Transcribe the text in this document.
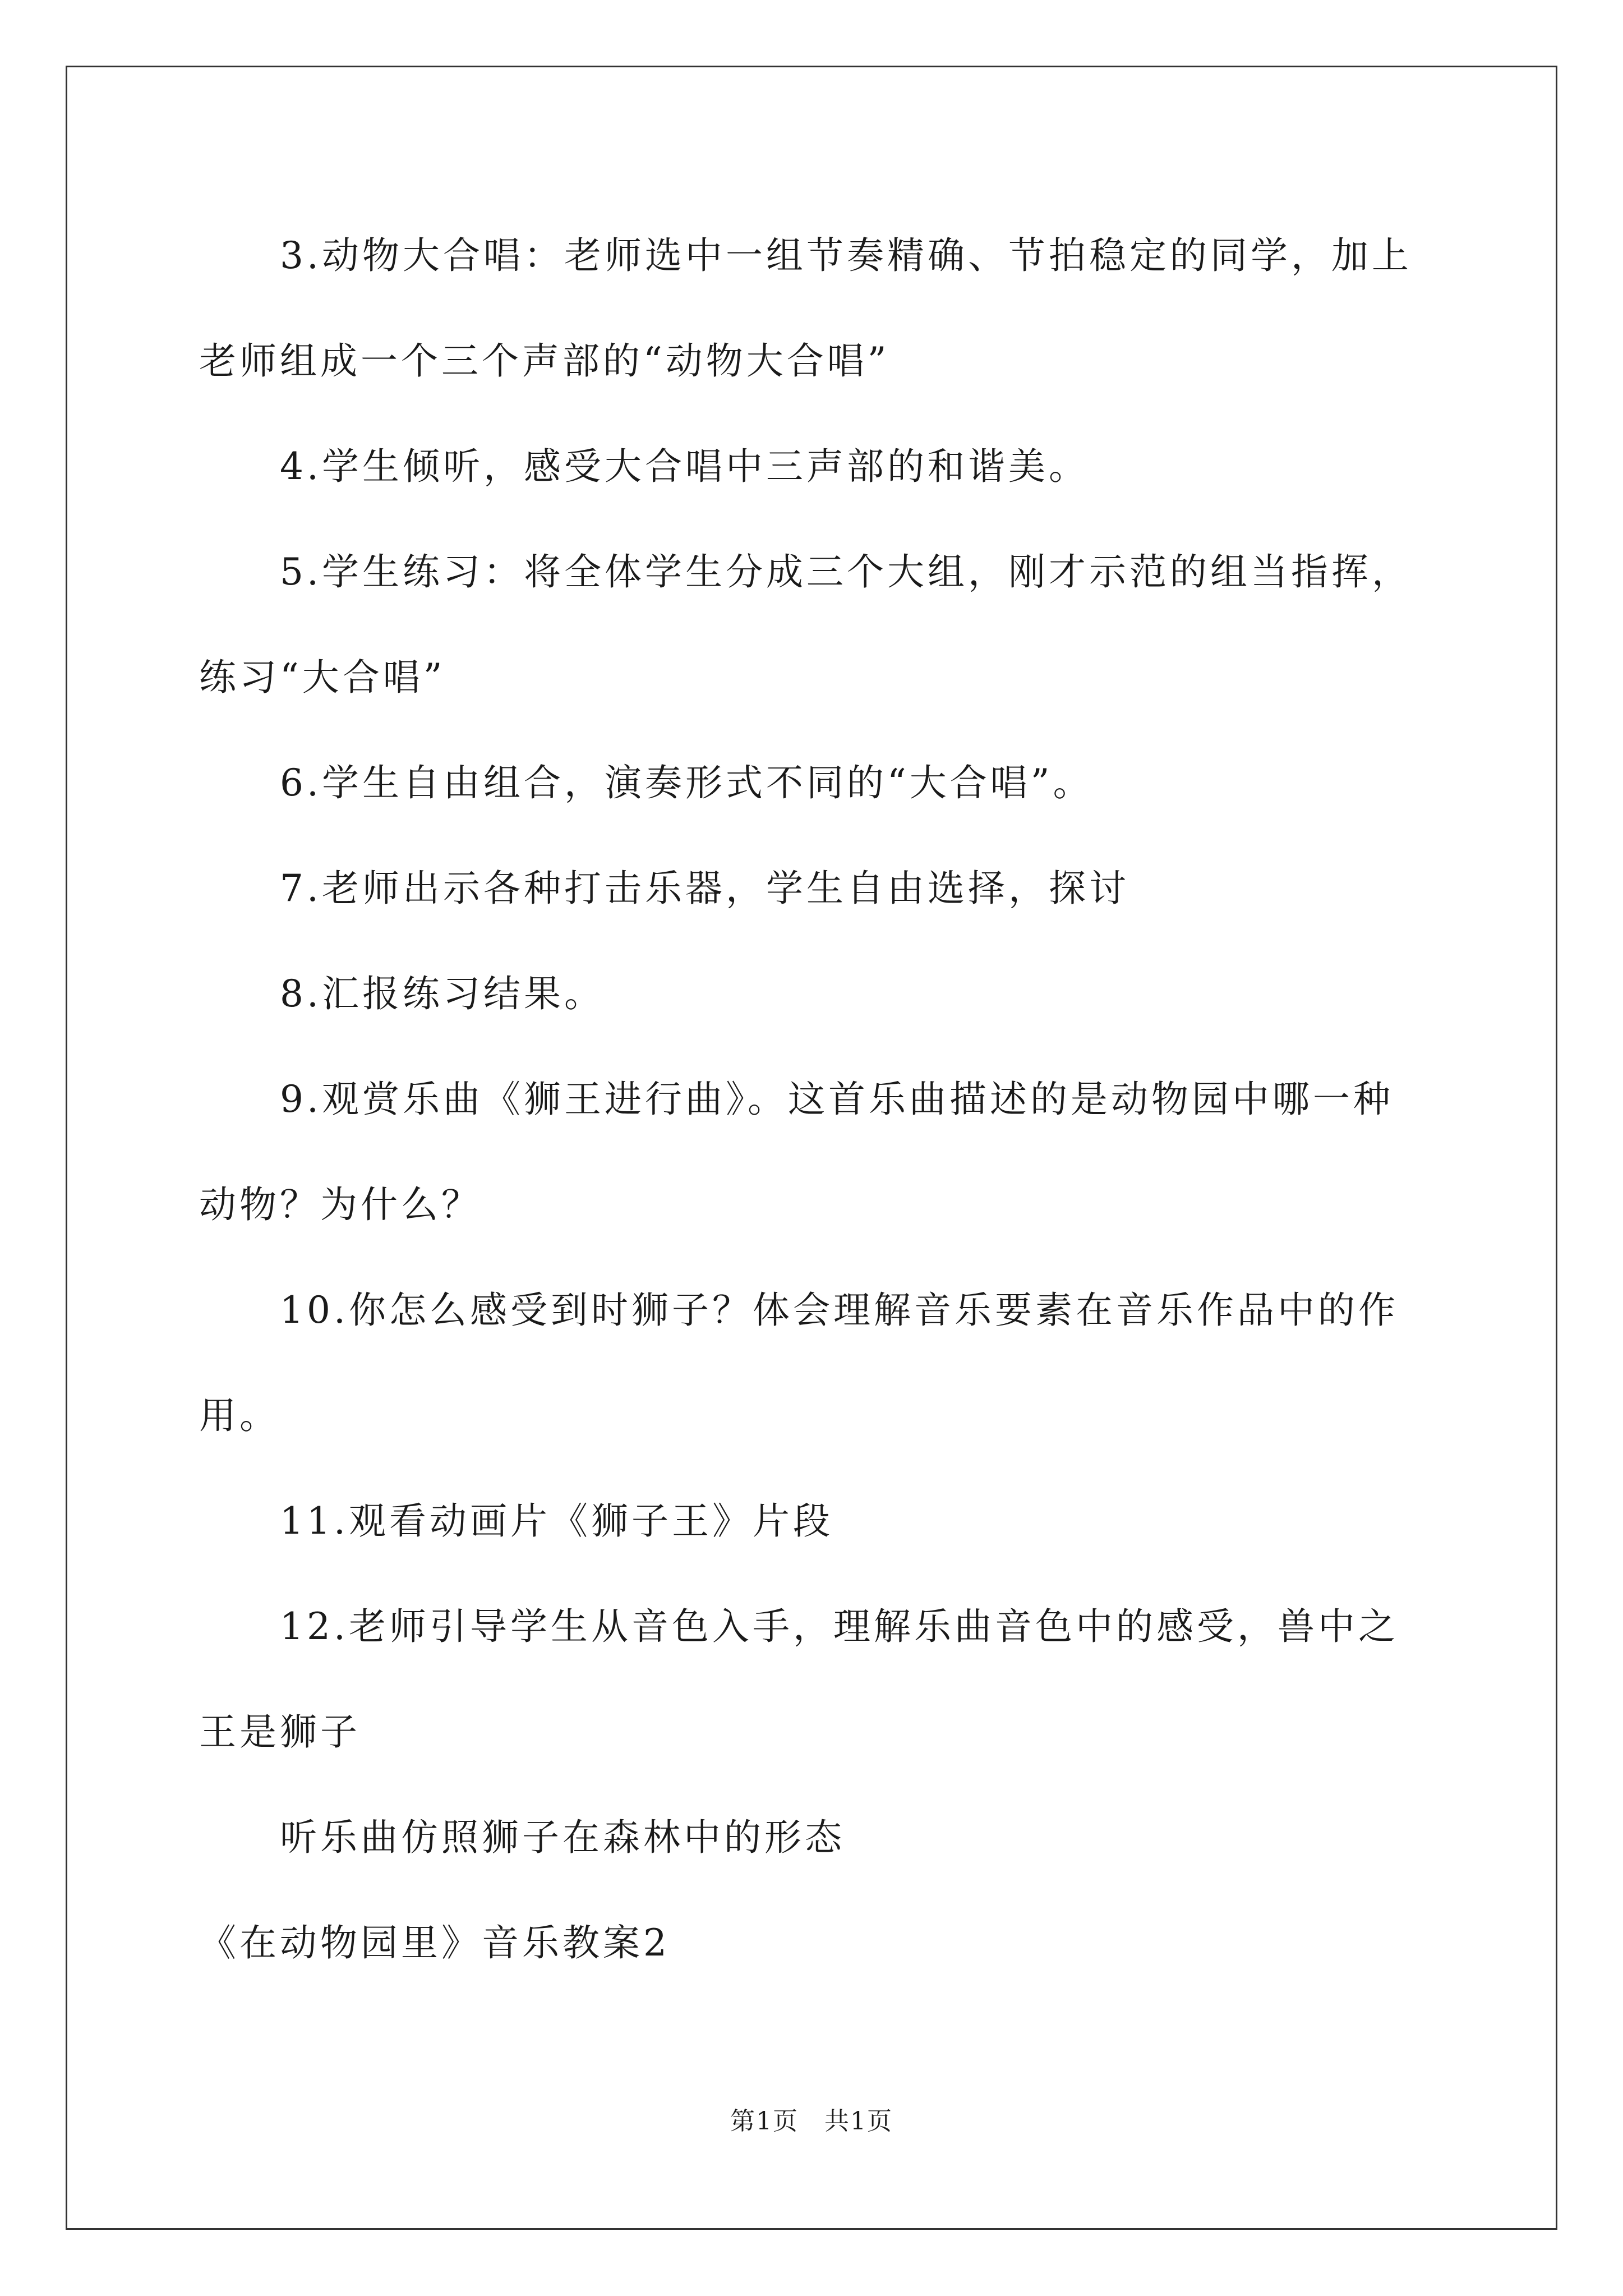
3.动物大合唱：老师选中一组节奏精确、节拍稳定的同学，加上老师组成一个三个声部的“动物大合唱”
4.学生倾听，感受大合唱中三声部的和谐美。
5.学生练习：将全体学生分成三个大组，刚才示范的组当指挥，练习“大合唱”
6.学生自由组合，演奏形式不同的“大合唱”。
7.老师出示各种打击乐器，学生自由选择，探讨
8.汇报练习结果。
9.观赏乐曲《狮王进行曲》。这首乐曲描述的是动物园中哪一种动物？为什么？
10.你怎么感受到时狮子？体会理解音乐要素在音乐作品中的作用。
11.观看动画片《狮子王》片段
12.老师引导学生从音色入手，理解乐曲音色中的感受，兽中之王是狮子
听乐曲仿照狮子在森林中的形态
《在动物园里》音乐教案2
第1页　共1页
